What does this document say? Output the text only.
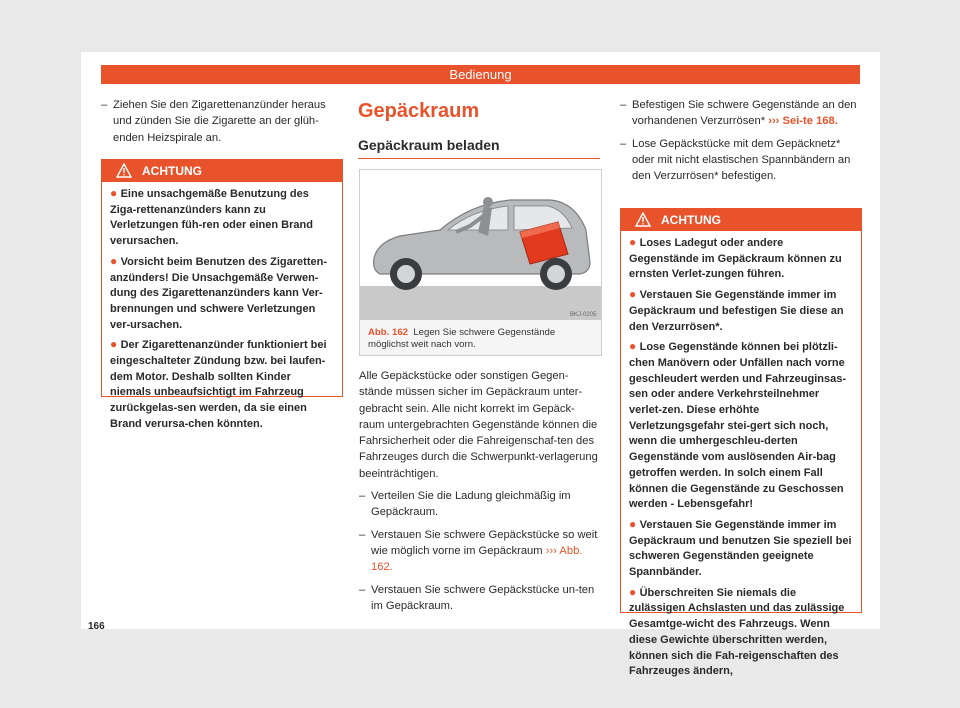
Bedienung
– Ziehen Sie den Zigarettenanzünder heraus und zünden Sie die Zigarette an der glüh-enden Heizspirale an.
ACHTUNG

● Eine unsachgemäße Benutzung des Ziga-rettenanzünders kann zu Verletzungen füh-ren oder einen Brand verursachen.

● Vorsicht beim Benutzen des Zigaretten-anzünders! Die Unsachgemäße Verwen-dung des Zigarettenanzünders kann Ver-brennungen und schwere Verletzungen ver-ursachen.

● Der Zigarettenanzünder funktioniert bei eingeschalteter Zündung bzw. bei laufen-dem Motor. Deshalb sollten Kinder niemals unbeaufsichtigt im Fahrzeug zurückgelas-sen werden, da sie einen Brand verursa-chen könnten.

Gepäckraum
Gepäckraum beladen
BKJ-0205
Abb. 162 Legen Sie schwere Gegenstände möglichst weit nach vorn.
Alle Gepäckstücke oder sonstigen Gegen-stände müssen sicher im Gepäckraum unter-gebracht sein. Alle nicht korrekt im Gepäck-raum untergebrachten Gegenstände können die Fahrsicherheit oder die Fahreigenschaf-ten des Fahrzeuges durch die Schwerpunkt-verlagerung beeinträchtigen.
– Verteilen Sie die Ladung gleichmäßig im Gepäckraum.
– Verstauen Sie schwere Gepäckstücke so weit wie möglich vorne im Gepäckraum ››› Abb. 162.
– Verstauen Sie schwere Gepäckstücke un-ten im Gepäckraum.
– Befestigen Sie schwere Gegenstände an den vorhandenen Verzurrösen* ››› Sei-te 168.
– Lose Gepäckstücke mit dem Gepäcknetz* oder mit nicht elastischen Spannbändern an den Verzurrösen* befestigen.
ACHTUNG

● Loses Ladegut oder andere Gegenstände im Gepäckraum können zu ernsten Verlet-zungen führen.

● Verstauen Sie Gegenstände immer im Gepäckraum und befestigen Sie diese an den Verzurrösen*.

● Lose Gegenstände können bei plötzli-chen Manövern oder Unfällen nach vorne geschleudert werden und Fahrzeuginsas-sen oder andere Verkehrsteilnehmer verlet-zen. Diese erhöhte Verletzungsgefahr stei-gert sich noch, wenn die umhergeschleu-derten Gegenstände vom auslösenden Air-bag getroffen werden. In solch einem Fall können die Gegenstände zu Geschossen werden - Lebensgefahr!

● Verstauen Sie Gegenstände immer im Gepäckraum und benutzen Sie speziell bei schweren Gegenständen geeignete Spannbänder.

● Überschreiten Sie niemals die zulässigen Achslasten und das zulässige Gesamtge-wicht des Fahrzeugs. Wenn diese Gewichte überschritten werden, können sich die Fah-reigenschaften des Fahrzeuges ändern,

166
